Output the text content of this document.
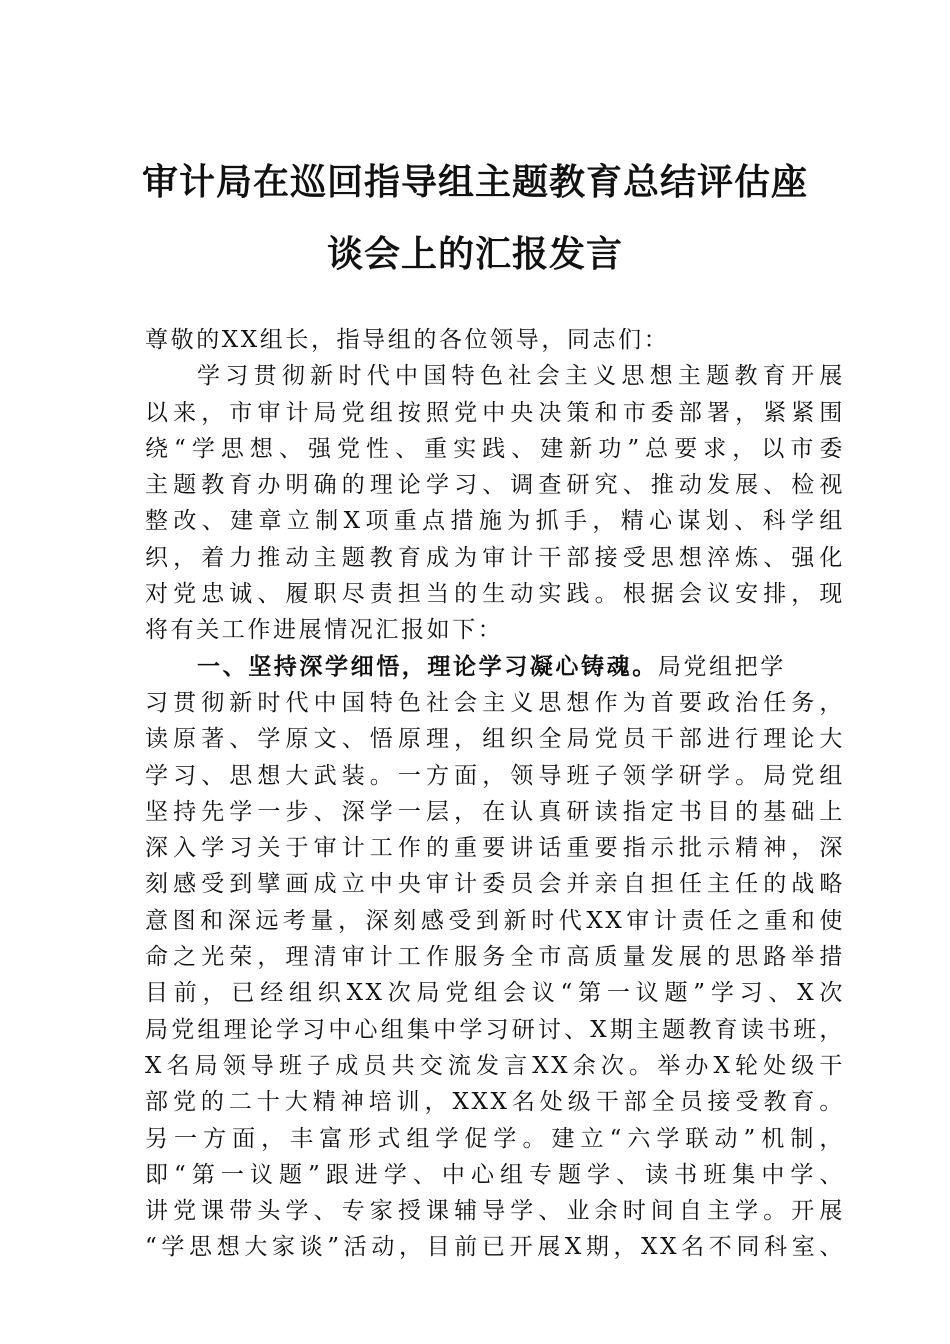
审计局在巡回指导组主题教育总结评估座
谈会上的汇报发言
尊敬的XX组长，指导组的各位领导，同志们：
学习贯彻新时代中国特色社会主义思想主题教育开展
以来，市审计局党组按照党中央决策和市委部署，紧紧围
绕“学思想、强党性、重实践、建新功”总要求，以市委
主题教育办明确的理论学习、调查研究、推动发展、检视
整改、建章立制X项重点措施为抓手，精心谋划、科学组
织，着力推动主题教育成为审计干部接受思想淬炼、强化
对党忠诚、履职尽责担当的生动实践。根据会议安排，现
将有关工作进展情况汇报如下：
一、坚持深学细悟，理论学习凝心铸魂。局党组把学
习贯彻新时代中国特色社会主义思想作为首要政治任务，
读原著、学原文、悟原理，组织全局党员干部进行理论大
学习、思想大武装。一方面，领导班子领学研学。局党组
坚持先学一步、深学一层，在认真研读指定书目的基础上
深入学习关于审计工作的重要讲话重要指示批示精神，深
刻感受到擘画成立中央审计委员会并亲自担任主任的战略
意图和深远考量，深刻感受到新时代XX审计责任之重和使
命之光荣，理清审计工作服务全市高质量发展的思路举措
目前，已经组织XX次局党组会议“第一议题”学习、X次
局党组理论学习中心组集中学习研讨、X期主题教育读书班，
X名局领导班子成员共交流发言XX余次。举办X轮处级干
部党的二十大精神培训，XXX名处级干部全员接受教育。
另一方面，丰富形式组学促学。建立“六学联动”机制，
即“第一议题”跟进学、中心组专题学、读书班集中学、
讲党课带头学、专家授课辅导学、业余时间自主学。开展
“学思想大家谈”活动，目前已开展X期，XX名不同科室、
